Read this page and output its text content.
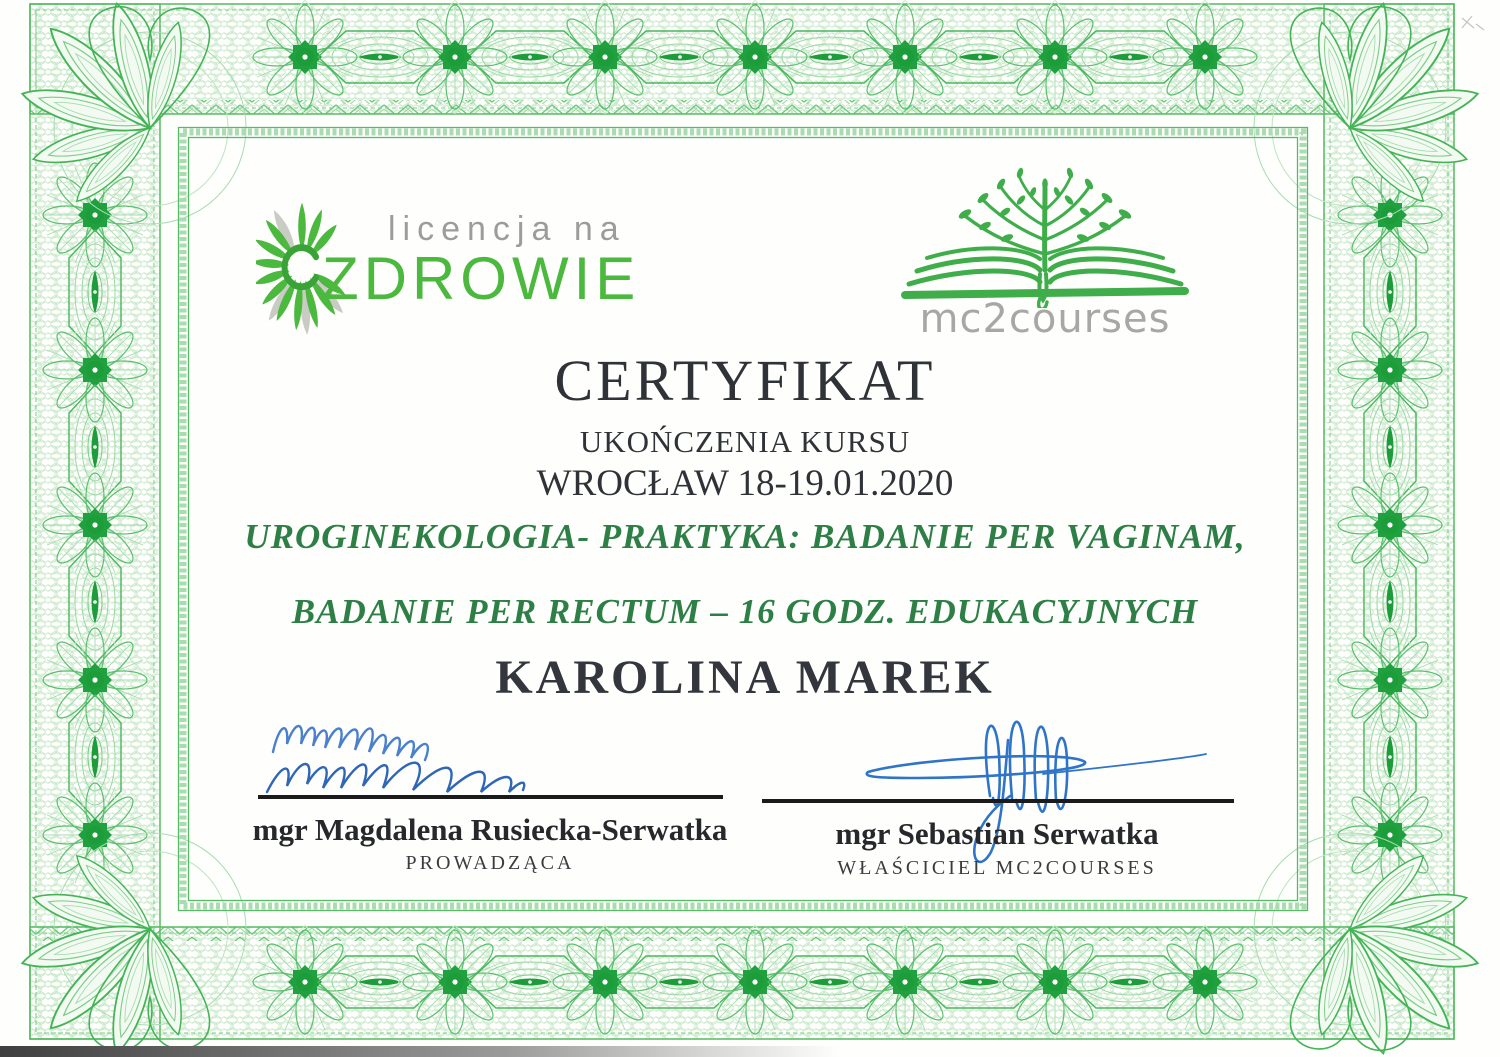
licencja na
ZDROWIE
mc2courses
CERTYFIKAT
UKOŃCZENIA KURSU
WROCŁAW 18-19.01.2020
UROGINEKOLOGIA- PRAKTYKA: BADANIE PER VAGINAM,
BADANIE PER RECTUM – 16 GODZ. EDUKACYJNYCH
KAROLINA MAREK
mgr Magdalena Rusiecka-Serwatka
PROWADZĄCA
mgr Sebastian Serwatka
WŁAŚCICIEL MC2COURSES
